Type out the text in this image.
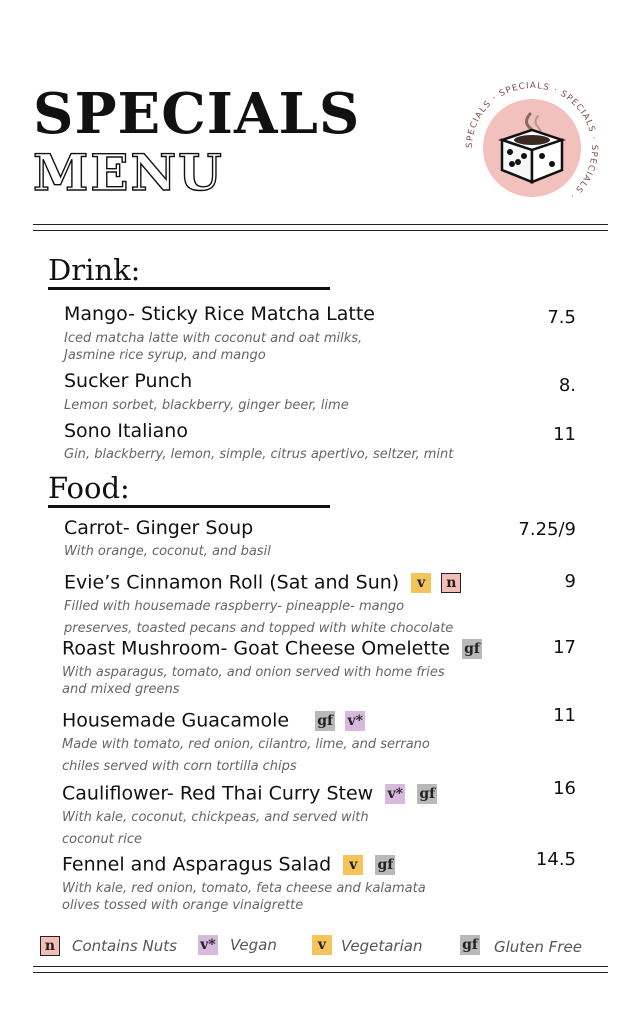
SPECIALS
MENU	SPECIALS · SPECIALS · SPECIALS · SPECIALS ·
Drink:
Mango- Sticky Rice Matcha Latte	7.5
Iced matcha latte with coconut and oat milks,
Jasmine rice syrup, and mango
Sucker Punch	8.
Lemon sorbet, blackberry, ginger beer, lime
Sono Italiano	11
Gin, blackberry, lemon, simple, citrus apertivo, seltzer, mint
Food:
Carrot- Ginger Soup	7.25/9
With orange, coconut, and basil
Evie’s Cinnamon Roll (Sat and Sun) v n	9
Filled with housemade raspberry- pineapple- mango
preserves, toasted pecans and topped with white chocolate
Roast Mushroom- Goat Cheese Omelette gf	17
With asparagus, tomato, and onion served with home fries
and mixed greens
Housemade Guacamole gf v*	11
Made with tomato, red onion, cilantro, lime, and serrano
chiles served with corn tortilla chips
Cauliflower- Red Thai Curry Stew v* gf	16
With kale, coconut, chickpeas, and served with
coconut rice
Fennel and Asparagus Salad v gf	14.5
With kale, red onion, tomato, feta cheese and kalamata
olives tossed with orange vinaigrette
n	Contains Nuts v* Vegan	v Vegetarian	gf Gluten Free
